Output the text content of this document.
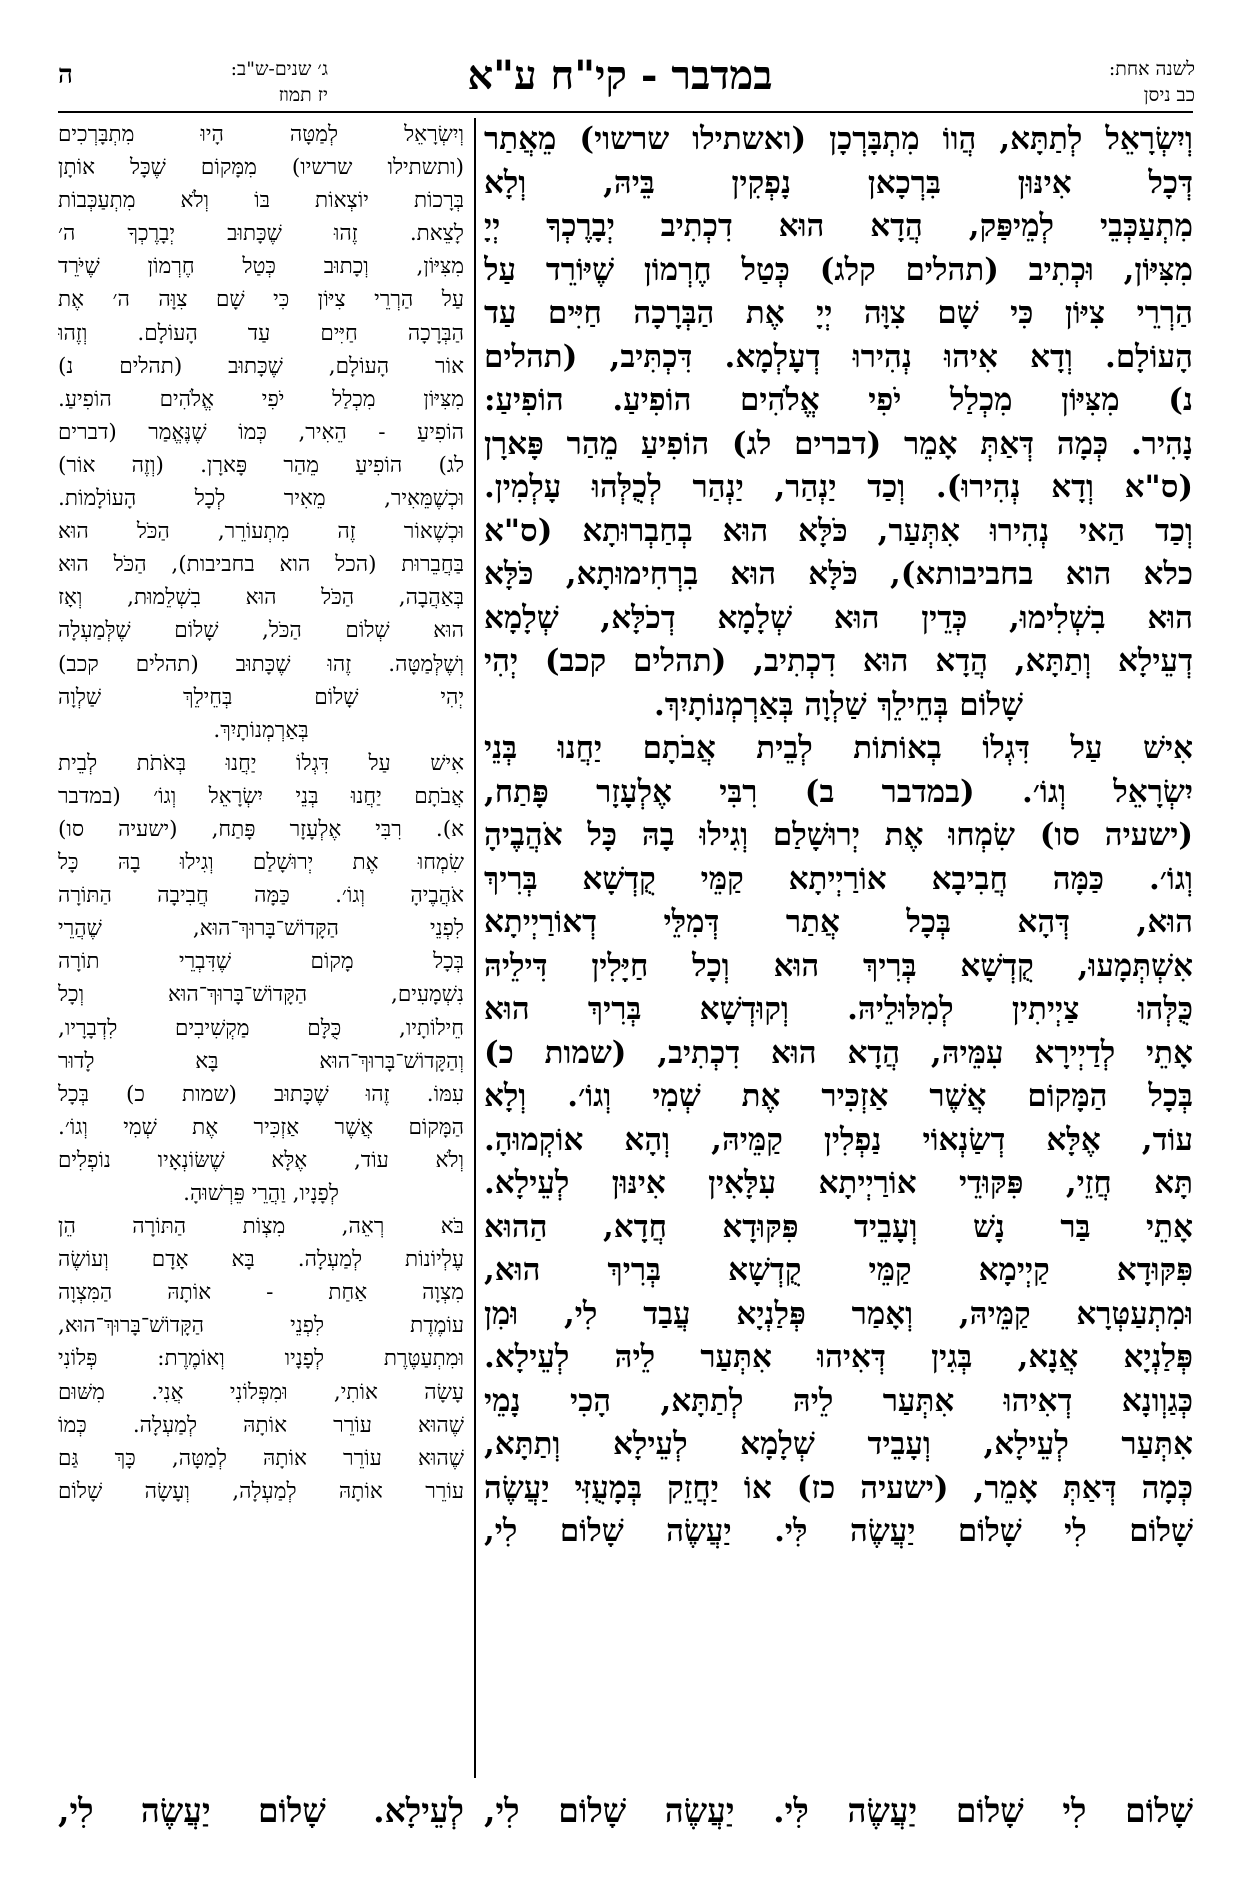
לשנה אחת:
כב ניסן
במדבר - קי"ח ע"א
ג׳ שנים-ש"ב:
יז תמוז
ה
וְיִשְׂרָאֵל לְתַתָּא, הֲווֹ מִתְבָּרְכָן (ואשתילו שרשוי) מֵאֲתַר
דְּכָל אִינּוּן בִּרְכָאן נָפְקִין בֵּיהּ, וְלָא
מִתְעַכְּבֵי לְמֵיפַּק, הֲדָא הוּא דִכְתִיב יְבָרֶכְךָ יְיָ
מִצִּיּוֹן, וּכְתִיב (תהלים קלג) כְּטַל חֶרְמוֹן שֶׁיּוֹרֵד עַל
הַרְרֵי צִיּוֹן כִּי שָׁם צִוָּה יְיָ אֶת הַבְּרָכָה חַיִּים עַד
הָעוֹלָם. וְדָא אִיהוּ נְהִירוּ דְעָלְמָא. דִּכְתִּיב, (תהלים
נ) מִצִּיּוֹן מִכְלַל יֹפִי אֱלֹהִים הוֹפִיעַ. הוֹפִיעַ:
נָהִיר. כְּמָה דְּאַתְּ אָמֵר (דברים לג) הוֹפִיעַ מֵהַר פָּארָן
(ס"א וְדָא נְהִירוּ). וְכַד יַנְהַר, יַנְהַר לְכֻלְּהוּ עָלְמִין.
וְכַד הַאי נְהִירוּ אִתְּעַר, כֹּלָּא הוּא בְחַבְרוּתָא (ס"א
כלא הוא בחביבותא), כֹּלָּא הוּא בִרְחִימוּתָא, כֹּלָּא
הוּא בִשְׁלִימוּ, כְּדֵין הוּא שְׁלָמָא דְכֹלָּא, שְׁלָמָא
דְעֵילָא וְתַתָּא, הֲדָא הוּא דִכְתִיב, (תהלים קכב) יְהִי
שָׁלוֹם בְּחֵילֵךְ שַׁלְוָה בְּאַרְמְנוֹתָיִךְ.
אִישׁ עַל דִּגְלוֹ בְאוֹתוֹת לְבֵית אֲבֹתָם יַחֲנוּ בְּנֵי
יִשְׂרָאֵל וְגוֹ׳. (במדבר ב) רִבִּי אֶלְעָזָר פָּתַח,
(ישעיה סו) שִׂמְחוּ אֶת יְרוּשָׁלַם וְגִילוּ בָהּ כָּל אֹהֲבֶיהָ
וְגוֹ׳. כַּמָּה חֲבִיבָא אוֹרַיְיתָא קַמֵּי קֻדְשָׁא בְּרִיךְ
הוּא, דְּהָא בְּכָל אֲתַר דְּמִלֵּי דְאוֹרַיְיתָא
אִשְׁתְּמָעוּ, קֻדְשָׁא בְּרִיךְ הוּא וְכָל חַיָּלִין דִּילֵיהּ
כֻּלְּהוּ צַיְיתִין לְמִלּוּלֵיהּ. וְקוּדְשָׁא בְּרִיךְ הוּא
אָתֵי לְדַיְירָא עִמֵּיהּ, הֲדָא הוּא דִכְתִיב, (שמות כ)
בְּכָל הַמָּקוֹם אֲשֶׁר אַזְכִּיר אֶת שְׁמִי וְגוֹ׳. וְלָא
עוֹד, אֶלָּא דְשַׂנְאוֹי נַפְלִין קַמֵּיהּ, וְהָא אוֹקְמוּהָ.
תָּא חֲזֵי, פִּקּוּדֵי אוֹרַיְיתָא עִלָּאִין אִינּוּן לְעֵילָא.
אָתֵי בַּר נָשׁ וְעָבֵיד פִּקּוּדָא חֲדָא, הַהוּא
פִּקּוּדָא קַיְימָא קַמֵּי קֻדְשָׁא בְּרִיךְ הוּא,
וּמִתְעַטְּרָא קַמֵּיהּ, וְאָמַר פְּלַנְיָא עֲבַד לִי, וּמִן
פְּלַנְיָא אֲנָא, בְּגִין דְּאִיהוּ אִתְּעַר לֵיהּ לְעֵילָא.
כְּגַוְונָא דְאִיהוּ אִתְּעַר לֵיהּ לְתַתָּא, הָכִי נָמֵי
אִתְּעַר לְעֵילָא, וְעָבֵיד שְׁלָמָא לְעֵילָא וְתַתָּא,
כְּמָה דְּאַתְּ אָמֵר, (ישעיה כז) אוֹ יַחֲזֵק בְּמָעֻזִּי יַעֲשֶׂה
שָׁלוֹם לִי שָׁלוֹם יַעֲשֶׂה לִּי. יַעֲשֶׂה שָׁלוֹם לִי,
וְיִשְׂרָאֵל לְמַטָּה הָיוּ מִתְבָּרְכִים
(ותשתילו שרשיו) מִמָּקוֹם שֶׁכָּל אוֹתָן
בְּרָכוֹת יוֹצְאוֹת בּוֹ וְלֹא מִתְעַכְּבוֹת
לָצֵאת. זֶהוּ שֶׁכָּתוּב יְבָרֶכְךָ ה׳
מִצִּיּוֹן, וְכָתוּב כְּטַל חֶרְמוֹן שֶׁיֹּרֵד
עַל הַרְרֵי צִיּוֹן כִּי שָׁם צִוָּה ה׳ אֶת
הַבְּרָכָה חַיִּים עַד הָעוֹלָם. וְזֶהוּ
אוֹר הָעוֹלָם, שֶׁכָּתוּב (תהלים נ)
מִצִּיּוֹן מִכְלַל יֹפִי אֱלֹהִים הוֹפִיעַ.
הוֹפִיעַ - הֵאִיר, כְּמוֹ שֶׁנֶּאֱמַר (דברים
לג) הוֹפִיעַ מֵהַר פָּארָן. (וְזֶה אוֹר)
וּכְשֶׁמֵּאִיר, מֵאִיר לְכָל הָעוֹלָמוֹת.
וּכְשֶׁאוֹר זֶה מִתְעוֹרֵר, הַכֹּל הוּא
בַּחֲבֵרוּת (הכל הוא בחביבות), הַכֹּל הוּא
בְּאַהֲבָה, הַכֹּל הוּא בִשְׁלֵמוּת, וְאָז
הוּא שְׁלוֹם הַכֹּל, שָׁלוֹם שֶׁלְּמַעְלָה
וְשֶׁלְּמַטָּה. זֶהוּ שֶׁכָּתוּב (תהלים קכב)
יְהִי שָׁלוֹם בְּחֵילֵךְ שַׁלְוָה
בְּאַרְמְנוֹתָיִךְ.
אִישׁ עַל דִּגְלוֹ יַחֲנוּ בְּאֹתֹת לְבֵית
אֲבֹתָם יַחֲנוּ בְּנֵי יִשְׂרָאֵל וְגוֹ׳ (במדבר
א). רִבִּי אֶלְעָזָר פָּתַח, (ישעיה סו)
שִׂמְחוּ אֶת יְרוּשָׁלַם וְגִילוּ בָהּ כָּל
אֹהֲבֶיהָ וְגוֹ׳. כַּמָּה חֲבִיבָה הַתּוֹרָה
לִפְנֵי הַקָּדוֹשׁ־בָּרוּךְ־הוּא, שֶׁהֲרֵי
בְּכָל מָקוֹם שֶׁדִּבְרֵי תוֹרָה
נִשְׁמָעִים, הַקָּדוֹשׁ־בָּרוּךְ־הוּא וְכָל
חֵילוֹתָיו, כֻּלָּם מַקְשִׁיבִים לִדְבָרָיו,
וְהַקָּדוֹשׁ־בָּרוּךְ־הוּא בָּא לָדוּר
עִמּוֹ. זֶהוּ שֶׁכָּתוּב (שמות כ) בְּכָל
הַמָּקוֹם אֲשֶׁר אַזְכִּיר אֶת שְׁמִי וְגוֹ׳.
וְלֹא עוֹד, אֶלָּא שֶׁשּׂוֹנְאָיו נוֹפְלִים
לְפָנָיו, וַהֲרֵי פֵּרְשׁוּהָ.
בֹּא רְאֵה, מִצְוֹת הַתּוֹרָה הֵן
עֶלְיוֹנוֹת לְמַעְלָה. בָּא אָדָם וְעוֹשֶׂה
מִצְוָה אַחַת - אוֹתָהּ הַמִּצְוָה
עוֹמֶדֶת לִפְנֵי הַקָּדוֹשׁ־בָּרוּךְ־הוּא,
וּמִתְעַטֶּרֶת לְפָנָיו וְאוֹמֶרֶת: פְּלוֹנִי
עָשָׂה אוֹתִי, וּמִפְּלוֹנִי אֲנִי. מִשּׁוּם
שֶׁהוּא עוֹרֵר אוֹתָהּ לְמַעְלָה. כְּמוֹ
שֶׁהוּא עוֹרֵר אוֹתָהּ לְמַטָּה, כָּךְ גַּם
עוֹרֵר אוֹתָהּ לְמַעְלָה, וְעָשָׂה שָׁלוֹם
שָׁלוֹם לִי שָׁלוֹם יַעֲשֶׂה לִּי. יַעֲשֶׂה שָׁלוֹם לִי,
לְעֵילָא. שָׁלוֹם יַעֲשֶׂה לִי,
